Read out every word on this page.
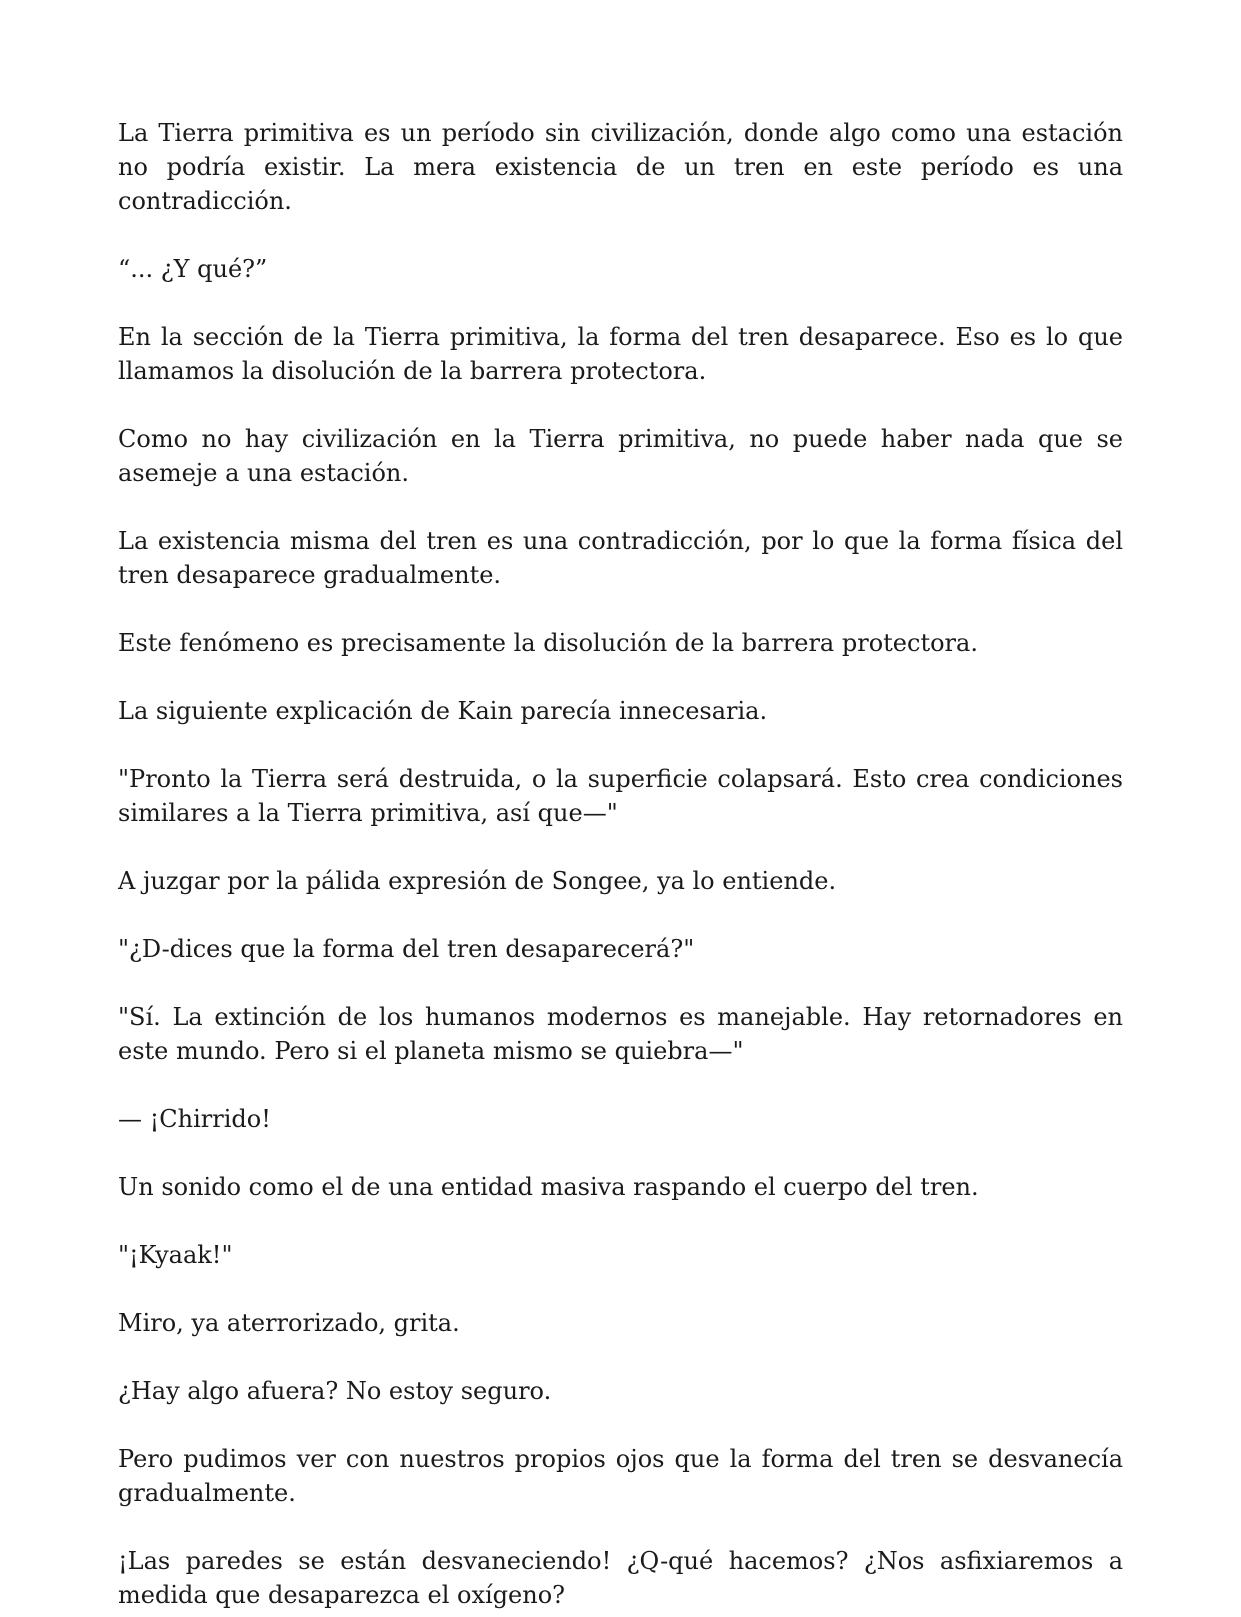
La Tierra primitiva es un período sin civilización, donde algo como una estación no podría existir. La mera existencia de un tren en este período es una contradicción.

“... ¿Y qué?”

En la sección de la Tierra primitiva, la forma del tren desaparece. Eso es lo que llamamos la disolución de la barrera protectora.

Como no hay civilización en la Tierra primitiva, no puede haber nada que se asemeje a una estación.

La existencia misma del tren es una contradicción, por lo que la forma física del tren desaparece gradualmente.

Este fenómeno es precisamente la disolución de la barrera protectora.

La siguiente explicación de Kain parecía innecesaria.

"Pronto la Tierra será destruida, o la superficie colapsará. Esto crea condiciones similares a la Tierra primitiva, así que—"

A juzgar por la pálida expresión de Songee, ya lo entiende.

"¿D-dices que la forma del tren desaparecerá?"

"Sí. La extinción de los humanos modernos es manejable. Hay retornadores en este mundo. Pero si el planeta mismo se quiebra—"

— ¡Chirrido!

Un sonido como el de una entidad masiva raspando el cuerpo del tren.

"¡Kyaak!"

Miro, ya aterrorizado, grita.

¿Hay algo afuera? No estoy seguro.

Pero pudimos ver con nuestros propios ojos que la forma del tren se desvanecía gradualmente.

¡Las paredes se están desvaneciendo! ¿Q-qué hacemos? ¿Nos asfixiaremos a medida que desaparezca el oxígeno?
